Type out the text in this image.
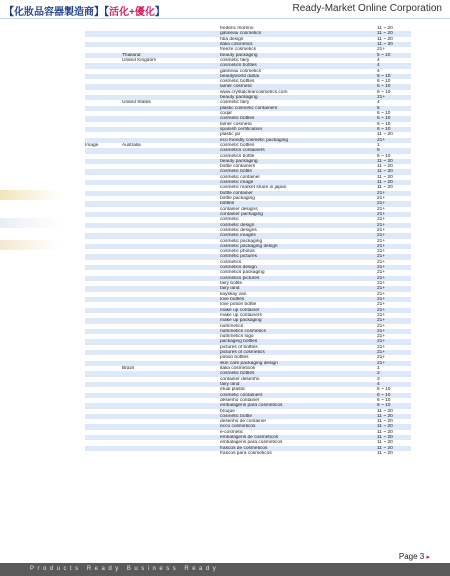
【化妝品容器製造商】【活化+優化】	Ready-Market Online Corporation
		frederic moreno	11 ~ 20
		gatineau cosmetics	11 ~ 20
		hba design	11 ~ 20
		italia cosmetics	11 ~ 20
		freeze cosmetics	21+
	Thailand	beauty packaging	6 ~ 10
	United Kingdom	cosmetic fairy	4
		cosmetics bottles	4
		gatineau cosmetics	4
		beautyworld dubai	6 ~ 10
		cosmetic bottles	6 ~ 10
		lamer cosmetic	6 ~ 10
		www.crystalclearcosmetics.com	6 ~ 10
		beauty packaging	21+
	United States	cosmetic fairy	4
		plastic cosmetic containers	5
		coqar	6 ~ 10
		cosmetic bottles	6 ~ 10
		lamer cosmetic	6 ~ 10
		spanish certification	6 ~ 10
		plastic jar	11 ~ 20
		eco friendly cosmetic packaging	21+
Image	Australia	cosmetic bottles	1
		cosmetics containers	5
		cosmetics bottle	6 ~ 10
		beauty packaging	11 ~ 20
		bottle containers	11 ~ 20
		cosmetic bottle	11 ~ 20
		cosmetic container	11 ~ 20
		cosmetic image	11 ~ 20
		cosmetic market share in japan	11 ~ 20
		bottle container	21+
		bottle packaging	21+
		bottles	21+
		container designs	21+
		container packaging	21+
		cosmetic	21+
		cosmetic design	21+
		cosmetic designs	21+
		cosmetic images	21+
		cosmetic packaging	21+
		cosmetic packaging design	21+
		cosmetic photos	21+
		cosmetic pictures	21+
		cosmetics	21+
		cosmetics design	21+
		cosmetics packaging	21+
		cosmetics pictures	21+
		fairy bottle	21+
		fairy land	21+
		kayskay van	21+
		love bottles	21+
		love potion bottle	21+
		make up container	21+
		make up containers	21+
		make up packaging	21+
		nutrimetics	21+
		nutrimetics cosmetics	21+
		nutrimetics logo	21+
		packaging bottles	21+
		pictures of bottles	21+
		pictures of cosmetics	21+
		potion bottles	21+
		skin care packaging design	21+
	Brazil	italia cosmeticos	1
		cosmetic bottles	2
		container desenho	3
		fairy land	4
		etual plastic	6 ~ 10
		cosmetic containers	6 ~ 10
		desenho container	6 ~ 10
		embalagens para cosmeticos	6 ~ 10
		broque	11 ~ 20
		cosmetic bottle	11 ~ 20
		desenho de container	11 ~ 20
		ecco cosmeticos	11 ~ 20
		e-cosmetic	11 ~ 20
		embalagens de cosmeticos	11 ~ 20
		embalagens para cosmeticos	11 ~ 20
		frascos de cosmeticos	11 ~ 20
		frascos para cosmeticos	11 ~ 20
Page 3 ▸
Products Ready Business Ready
